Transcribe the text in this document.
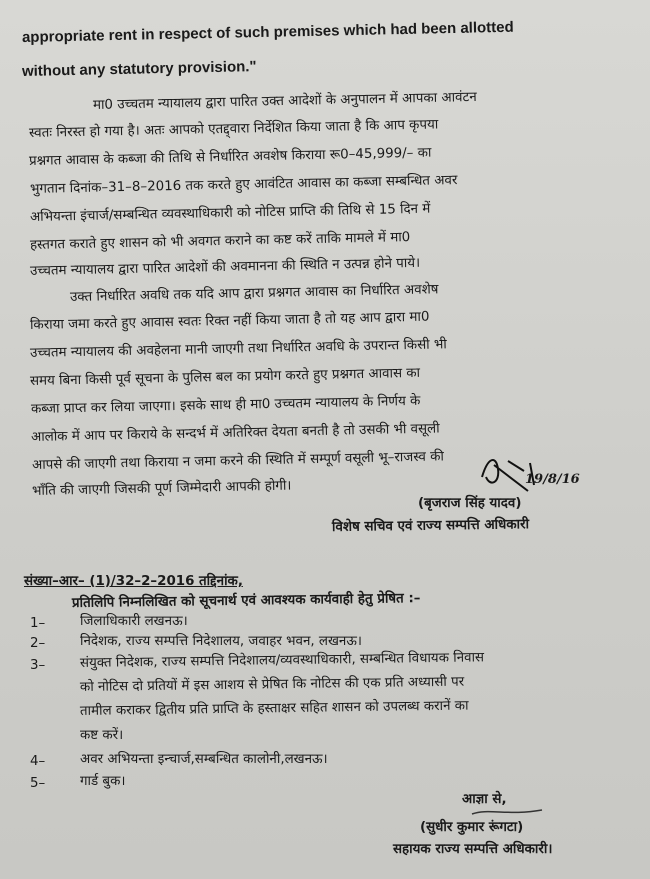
appropriate rent in respect of such premises which had been allotted
without any statutory provision."
मा0 उच्चतम न्यायालय द्वारा पारित उक्त आदेशों के अनुपालन में आपका आवंटन
स्वतः निरस्त हो गया है। अतः आपको एतद्द्वारा निर्देशित किया जाता है कि आप कृपया
प्रश्नगत आवास के कब्जा की तिथि से निर्धारित अवशेष किराया रू0–45,999/– का
भुगतान दिनांक–31–8–2016 तक करते हुए आवंटित आवास का कब्जा सम्बन्धित अवर
अभियन्ता इंचार्ज/सम्बन्धित व्यवस्थाधिकारी को नोटिस प्राप्ति की तिथि से 15 दिन में
हस्तगत कराते हुए शासन को भी अवगत कराने का कष्ट करें ताकि मामले में मा0
उच्चतम न्यायालय द्वारा पारित आदेशों की अवमानना की स्थिति न उत्पन्न होने पाये।
उक्त निर्धारित अवधि तक यदि आप द्वारा प्रश्नगत आवास का निर्धारित अवशेष
किराया जमा करते हुए आवास स्वतः रिक्त नहीं किया जाता है तो यह आप द्वारा मा0
उच्चतम न्यायालय की अवहेलना मानी जाएगी तथा निर्धारित अवधि के उपरान्त किसी भी
समय बिना किसी पूर्व सूचना के पुलिस बल का प्रयोग करते हुए प्रश्नगत आवास का
कब्जा प्राप्त कर लिया जाएगा। इसके साथ ही मा0 उच्चतम न्यायालय के निर्णय के
आलोक में आप पर किराये के सन्दर्भ में अतिरिक्त देयता बनती है तो उसकी भी वसूली
आपसे की जाएगी तथा किराया न जमा करने की स्थिति में सम्पूर्ण वसूली भू–राजस्व की
भाँति की जाएगी जिसकी पूर्ण जिम्मेदारी आपकी होगी।	19/8/16
(बृजराज सिंह यादव)
विशेष सचिव एवं राज्य सम्पत्ति अधिकारी
संख्या–आर– (1)/32–2–2016 तद्दिनांक,
प्रतिलिपि निम्नलिखित को सूचनार्थ एवं आवश्यक कार्यवाही हेतु प्रेषित :–
1–	जिलाधिकारी लखनऊ।
2–	निदेशक, राज्य सम्पत्ति निदेशालय, जवाहर भवन, लखनऊ।
3–	संयुक्त निदेशक, राज्य सम्पत्ति निदेशालय/व्यवस्थाधिकारी, सम्बन्धित विधायक निवास
को नोटिस दो प्रतियों में इस आशय से प्रेषित कि नोटिस की एक प्रति अध्यासी पर
तामील कराकर द्वितीय प्रति प्राप्ति के हस्ताक्षर सहित शासन को उपलब्ध करानें का
कष्ट करें।
4–	अवर अभियन्ता इन्चार्ज,सम्बन्धित कालोनी,लखनऊ।
5–	गार्ड बुक।
आज्ञा से,
(सुधीर कुमार रूंगटा)
सहायक राज्य सम्पत्ति अधिकारी।
